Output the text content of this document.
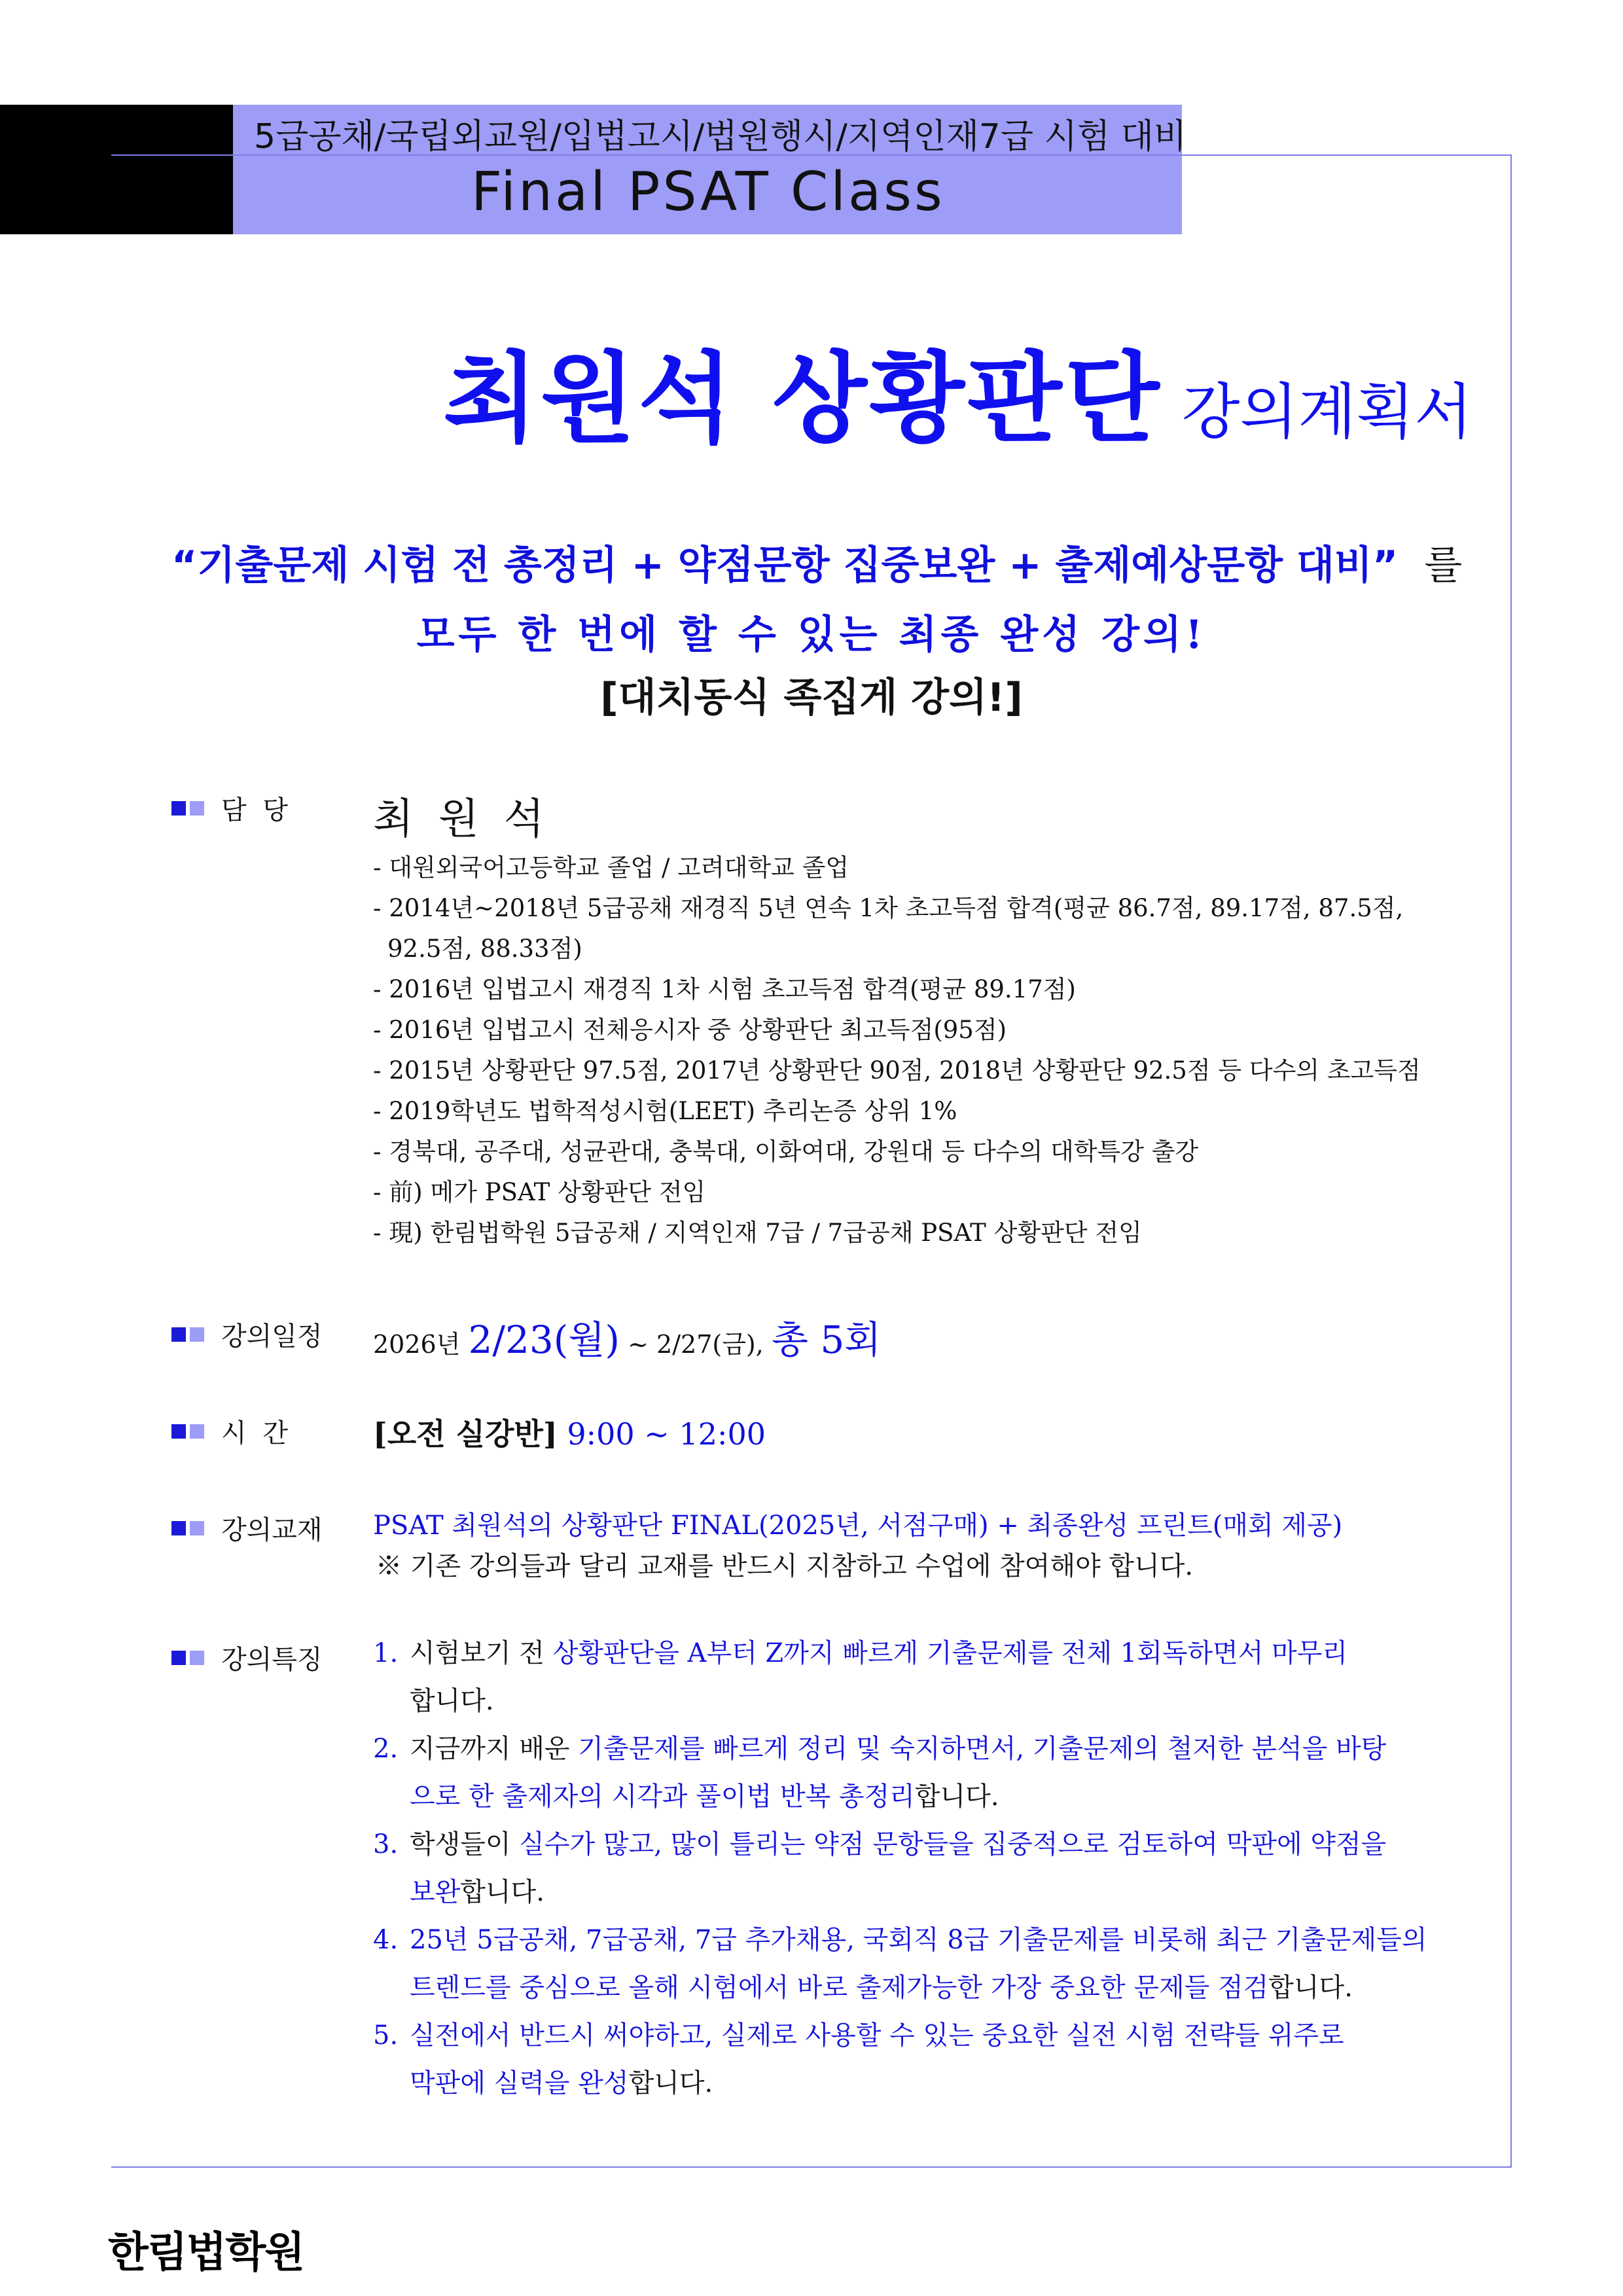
5급공채/국립외교원/입법고시/법원행시/지역인재7급 시험 대비
Final PSAT Class
최원석 상황판단 강의계획서
“기출문제 시험 전 총정리 + 약점문항 집중보완 + 출제예상문항 대비” 를
모두 한 번에 할 수 있는 최종 완성 강의!
[대치동식 족집게 강의!]
담 당 최원석
- 대원외국어고등학교 졸업 / 고려대학교 졸업
- 2014년~2018년 5급공채 재경직 5년 연속 1차 초고득점 합격(평균 86.7점, 89.17점, 87.5점,
92.5점, 88.33점)
- 2016년 입법고시 재경직 1차 시험 초고득점 합격(평균 89.17점)
- 2016년 입법고시 전체응시자 중 상황판단 최고득점(95점)
- 2015년 상황판단 97.5점, 2017년 상황판단 90점, 2018년 상황판단 92.5점 등 다수의 초고득점
- 2019학년도 법학적성시험(LEET) 추리논증 상위 1%
- 경북대, 공주대, 성균관대, 충북대, 이화여대, 강원대 등 다수의 대학특강 출강
- 前) 메가 PSAT 상황판단 전임
- 現) 한림법학원 5급공채 / 지역인재 7급 / 7급공채 PSAT 상황판단 전임
강의일정 2026년 2/23(월) ~ 2/27(금), 총 5회
시 간	[오전 실강반] 9:00 ~ 12:00
강의교재 PSAT 최원석의 상황판단 FINAL(2025년, 서점구매) + 최종완성 프린트(매회 제공)
※ 기존 강의들과 달리 교재를 반드시 지참하고 수업에 참여해야 합니다.
강의특징 1. 시험보기 전 상황판단을 A부터 Z까지 빠르게 기출문제를 전체 1회독하면서 마무리
합니다.
2. 지금까지 배운 기출문제를 빠르게 정리 및 숙지하면서, 기출문제의 철저한 분석을 바탕
으로 한 출제자의 시각과 풀이법 반복 총정리합니다.
3. 학생들이 실수가 많고, 많이 틀리는 약점 문항들을 집중적으로 검토하여 막판에 약점을
보완합니다.
4. 25년 5급공채, 7급공채, 7급 추가채용, 국회직 8급 기출문제를 비롯해 최근 기출문제들의
트렌드를 중심으로 올해 시험에서 바로 출제가능한 가장 중요한 문제들 점검합니다.
5. 실전에서 반드시 써야하고, 실제로 사용할 수 있는 중요한 실전 시험 전략들 위주로
막판에 실력을 완성합니다.
한림법학원
